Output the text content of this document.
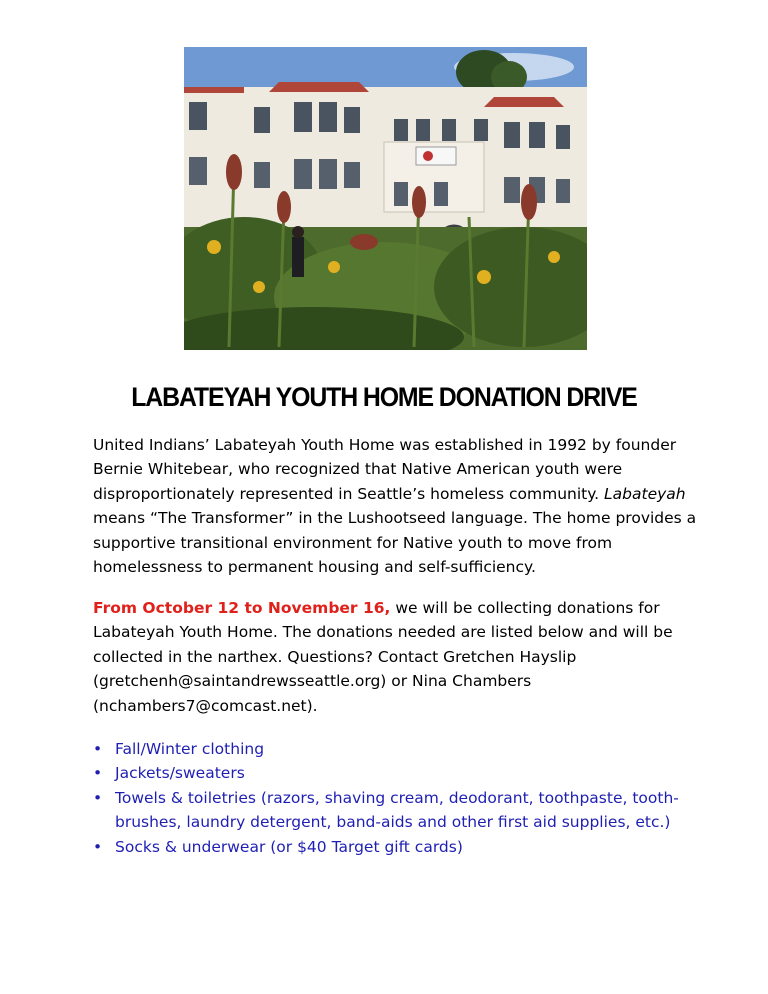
LABATEYAH YOUTH HOME DONATION DRIVE

United Indians’ Labateyah Youth Home was established in 1992 by founder Bernie Whitebear, who recognized that Native American youth were disproportionately represented in Seattle’s homeless community. Labateyah means “The Transformer” in the Lushootseed language. The home provides a supportive transitional environment for Native youth to move from homelessness to permanent housing and self-sufficiency.

From October 12 to November 16, we will be collecting donations for Labateyah Youth Home. The donations needed are listed below and will be collected in the narthex. Questions? Contact Gretchen Hayslip (gretchenh@saintandrewsseattle.org) or Nina Chambers (nchambers7@comcast.net).

• Fall/Winter clothing
• Jackets/sweaters
• Towels & toiletries (razors, shaving cream, deodorant, toothpaste, tooth-brushes, laundry detergent, band-aids and other first aid supplies, etc.)
• Socks & underwear (or $40 Target gift cards)
